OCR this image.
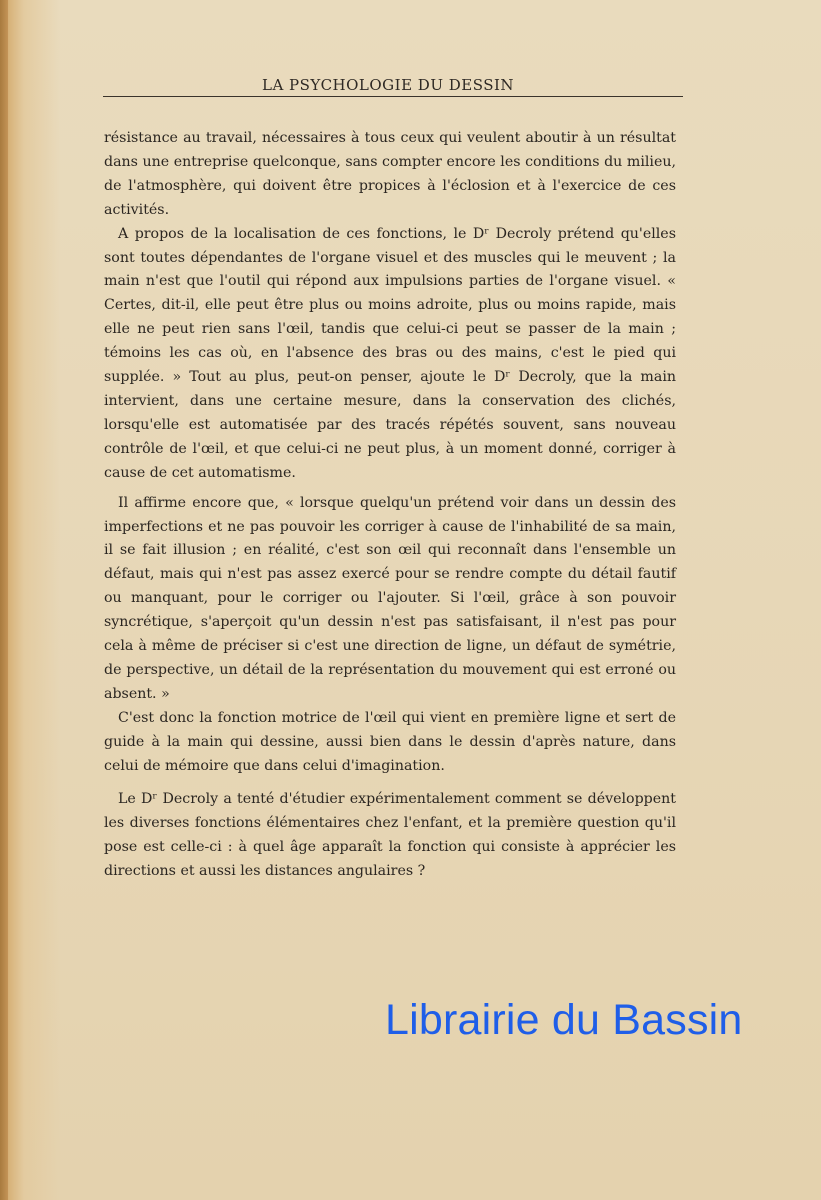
LA PSYCHOLOGIE DU DESSIN

résistance au travail, nécessaires à tous ceux qui veulent aboutir à un résultat dans une entreprise quelconque, sans compter encore les conditions du milieu, de l'atmosphère, qui doivent être propices à l'éclosion et à l'exercice de ces activités.

A propos de la localisation de ces fonctions, le Dʳ Decroly prétend qu'elles sont toutes dépendantes de l'organe visuel et des muscles qui le meuvent ; la main n'est que l'outil qui répond aux impulsions parties de l'organe visuel. « Certes, dit-il, elle peut être plus ou moins adroite, plus ou moins rapide, mais elle ne peut rien sans l'œil, tandis que celui-ci peut se passer de la main ; témoins les cas où, en l'absence des bras ou des mains, c'est le pied qui supplée. » Tout au plus, peut-on penser, ajoute le Dʳ Decroly, que la main intervient, dans une certaine mesure, dans la conservation des clichés, lorsqu'elle est automatisée par des tracés répétés souvent, sans nouveau contrôle de l'œil, et que celui-ci ne peut plus, à un moment donné, corriger à cause de cet automatisme.

Il affirme encore que, « lorsque quelqu'un prétend voir dans un dessin des imperfections et ne pas pouvoir les corriger à cause de l'inhabilité de sa main, il se fait illusion ; en réalité, c'est son œil qui reconnaît dans l'ensemble un défaut, mais qui n'est pas assez exercé pour se rendre compte du détail fautif ou manquant, pour le corriger ou l'ajouter. Si l'œil, grâce à son pouvoir syncrétique, s'aperçoit qu'un dessin n'est pas satisfaisant, il n'est pas pour cela à même de préciser si c'est une direction de ligne, un défaut de symétrie, de perspective, un détail de la représentation du mouvement qui est erroné ou absent. »

C'est donc la fonction motrice de l'œil qui vient en première ligne et sert de guide à la main qui dessine, aussi bien dans le dessin d'après nature, dans celui de mémoire que dans celui d'imagination.

Le Dʳ Decroly a tenté d'étudier expérimentalement comment se développent les diverses fonctions élémentaires chez l'enfant, et la première question qu'il pose est celle-ci : à quel âge apparaît la fonction qui consiste à apprécier les directions et aussi les distances angulaires ?

Librairie du Bassin
